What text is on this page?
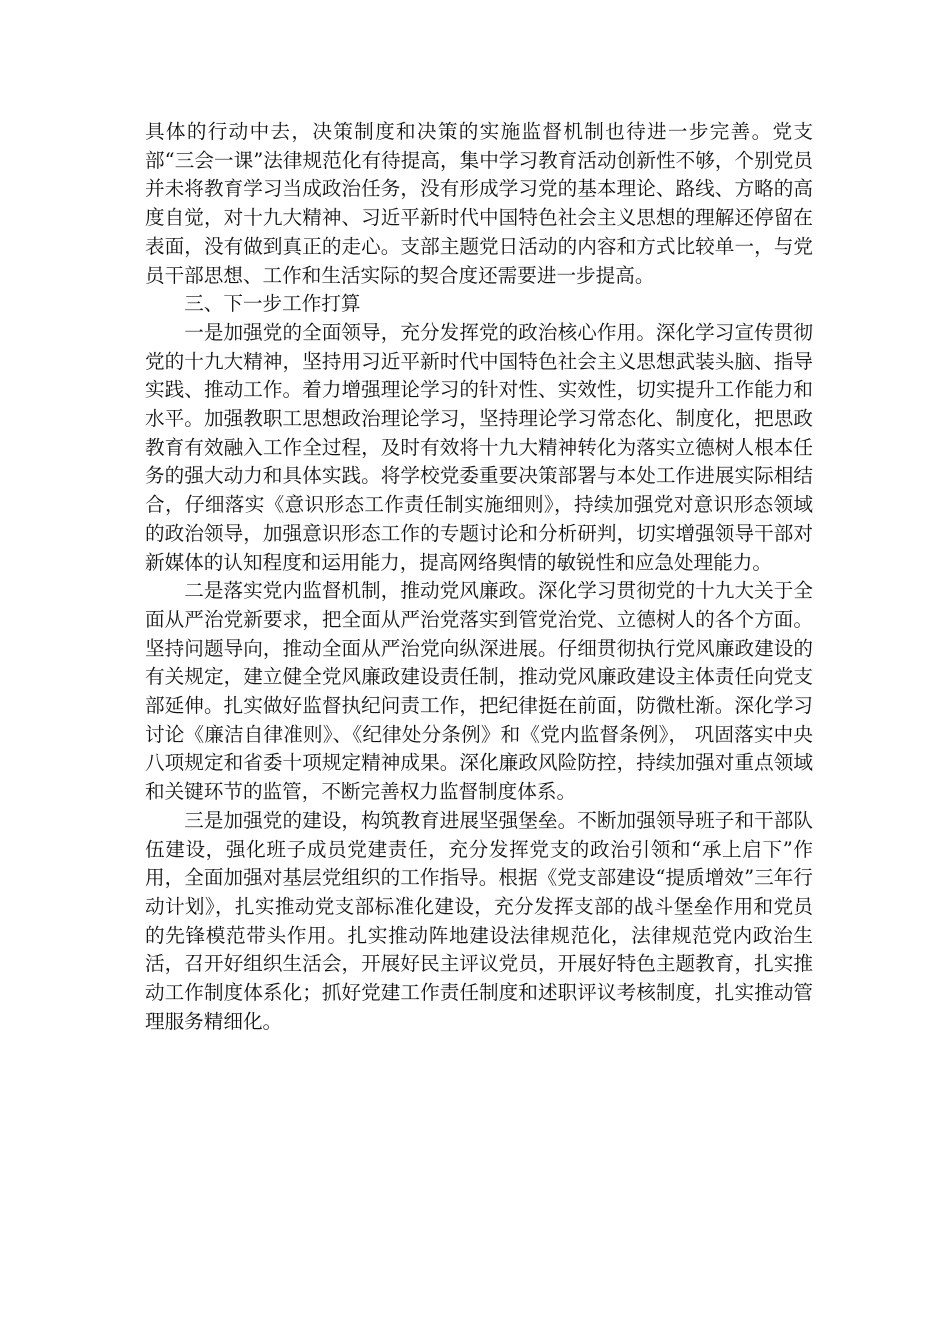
具体的行动中去，决策制度和决策的实施监督机制也待进一步完善。党支部“三会一课”法律规范化有待提高，集中学习教育活动创新性不够，个别党员并未将教育学习当成政治任务，没有形成学习党的基本理论、路线、方略的高度自觉，对十九大精神、习近平新时代中国特色社会主义思想的理解还停留在表面，没有做到真正的走心。支部主题党日活动的内容和方式比较单一，与党员干部思想、工作和生活实际的契合度还需要进一步提高。

三、下一步工作打算

一是加强党的全面领导，充分发挥党的政治核心作用。深化学习宣传贯彻党的十九大精神，坚持用习近平新时代中国特色社会主义思想武装头脑、指导实践、推动工作。着力增强理论学习的针对性、实效性，切实提升工作能力和水平。加强教职工思想政治理论学习，坚持理论学习常态化、制度化，把思政教育有效融入工作全过程，及时有效将十九大精神转化为落实立德树人根本任务的强大动力和具体实践。将学校党委重要决策部署与本处工作进展实际相结合，仔细落实《意识形态工作责任制实施细则》，持续加强党对意识形态领域的政治领导，加强意识形态工作的专题讨论和分析研判，切实增强领导干部对新媒体的认知程度和运用能力，提高网络舆情的敏锐性和应急处理能力。

二是落实党内监督机制，推动党风廉政。深化学习贯彻党的十九大关于全面从严治党新要求，把全面从严治党落实到管党治党、立德树人的各个方面。坚持问题导向，推动全面从严治党向纵深进展。仔细贯彻执行党风廉政建设的有关规定，建立健全党风廉政建设责任制，推动党风廉政建设主体责任向党支部延伸。扎实做好监督执纪问责工作，把纪律挺在前面，防微杜渐。深化学习讨论《廉洁自律准则》、《纪律处分条例》和《党内监督条例》， 巩固落实中央八项规定和省委十项规定精神成果。深化廉政风险防控，持续加强对重点领域和关键环节的监管，不断完善权力监督制度体系。

三是加强党的建设，构筑教育进展坚强堡垒。不断加强领导班子和干部队伍建设，强化班子成员党建责任，充分发挥党支的政治引领和“承上启下”作用，全面加强对基层党组织的工作指导。根据《党支部建设“提质增效”三年行动计划》，扎实推动党支部标准化建设，充分发挥支部的战斗堡垒作用和党员的先锋模范带头作用。扎实推动阵地建设法律规范化，法律规范党内政治生活，召开好组织生活会，开展好民主评议党员，开展好特色主题教育，扎实推动工作制度体系化；抓好党建工作责任制度和述职评议考核制度，扎实推动管理服务精细化。
